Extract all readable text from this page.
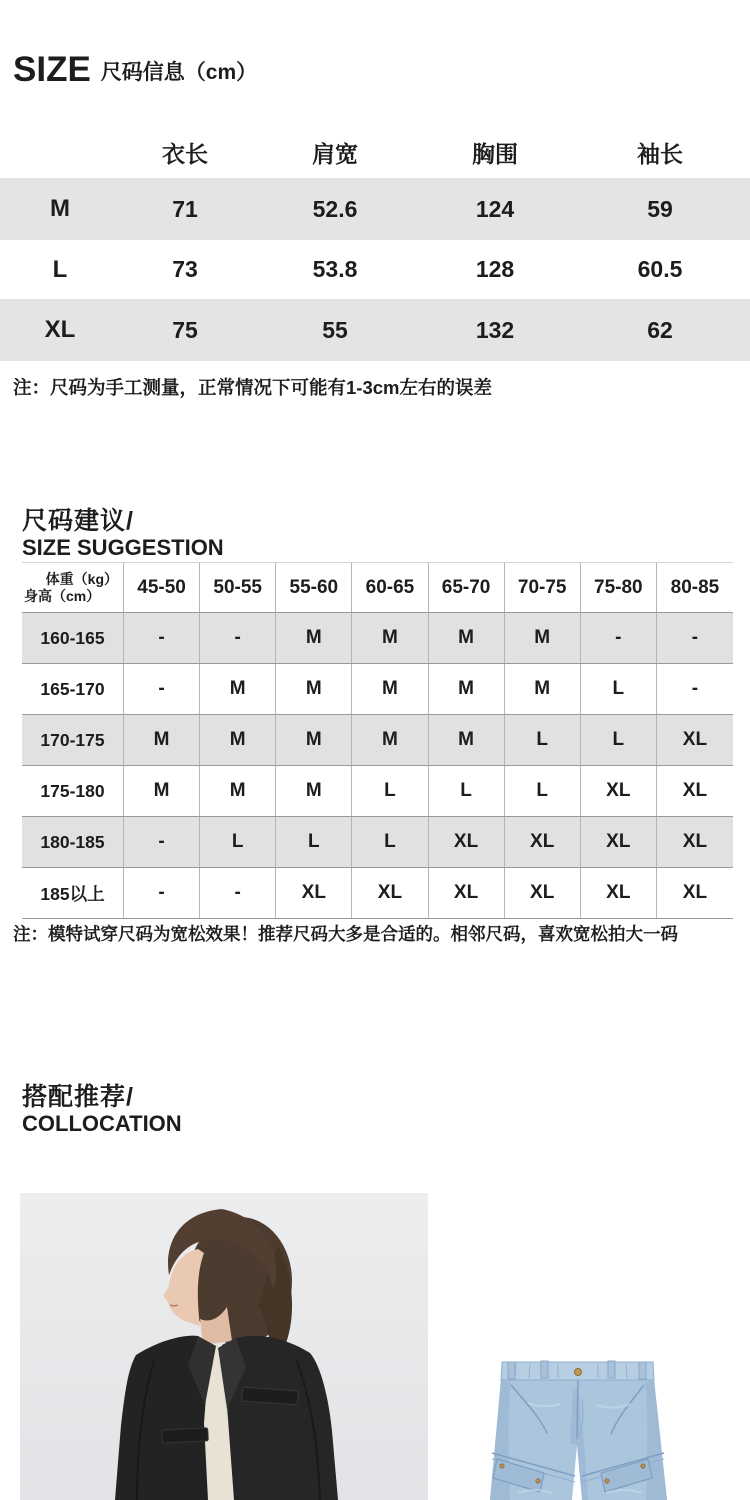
SIZE 尺码信息（cm）
衣长	肩宽	胸围	袖长
M	71	52.6	124	59
L	73	53.8	128	60.5
XL	75	55	132	62
注：尺码为手工测量，正常情况下可能有1-3cm左右的误差
尺码建议/
SIZE SUGGESTION
体重（kg）
身高（cm）	45-50	50-55	55-60	60-65	65-70	70-75	75-80	80-85
160-165	-	-	M	M	M	M	-	-
165-170	-	M	M	M	M	M	L	-
170-175	M	M	M	M	M	L	L	XL
175-180	M	M	M	L	L	L	XL	XL
180-185	-	L	L	L	XL	XL	XL	XL
185以上	-	-	XL	XL	XL	XL	XL	XL
注：模特试穿尺码为宽松效果！推荐尺码大多是合适的。相邻尺码，喜欢宽松拍大一码
搭配推荐/
COLLOCATION
